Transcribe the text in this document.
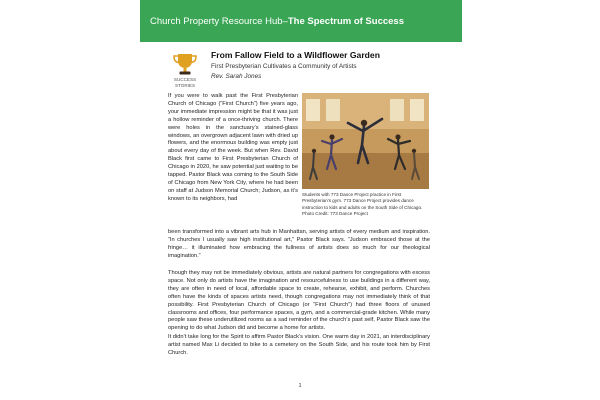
Church Property Resource Hub – The Spectrum of Success
SUCCESS STORIES
From Fallow Field to a Wildflower Garden
First Presbyterian Cultivates a Community of Artists
Rev. Sarah Jones

If you were to walk past the First Presbyterian Church of Chicago (“First Church”) five years ago, your immediate impression might be that it was just a hollow reminder of a once-thriving church. There were holes in the sanctuary’s stained-glass windows, an overgrown adjacent lawn with dried up flowers, and the enormous building was empty just about every day of the week. But when Rev. David Black first came to First Presbyterian Church of Chicago in 2020, he saw potential just waiting to be tapped. Pastor Black was coming to the South Side of Chicago from New York City, where he had been on staff at Judson Memorial Church; Judson, as it’s known to its neighbors, had

Students with 773 Dance Project practice in First Presbyterian’s gym. 773 Dance Project provides dance instruction to kids and adults on the South Side of Chicago. Photo Credit: 773 Dance Project

been transformed into a vibrant arts hub in Manhattan, serving artists of every medium and inspiration. “In churches I usually saw high institutional art,” Pastor Black says. “Judson embraced those at the fringe… it illuminated how embracing the fullness of artists does so much for our theological imagination.”

Though they may not be immediately obvious, artists are natural partners for congregations with excess space. Not only do artists have the imagination and resourcefulness to use buildings in a different way, they are often in need of local, affordable space to create, rehearse, exhibit, and perform. Churches often have the kinds of spaces artists need, though congregations may not immediately think of that possibility. First Presbyterian Church of Chicago (or “First Church”) had three floors of unused classrooms and offices, four performance spaces, a gym, and a commercial-grade kitchen. While many people saw these underutilized rooms as a sad reminder of the church’s past self, Pastor Black saw the opening to do what Judson did and become a home for artists.

It didn’t take long for the Spirit to affirm Pastor Black’s vision. One warm day in 2021, an interdisciplinary artist named Max Li decided to bike to a cemetery on the South Side, and his route took him by First Church.

1
